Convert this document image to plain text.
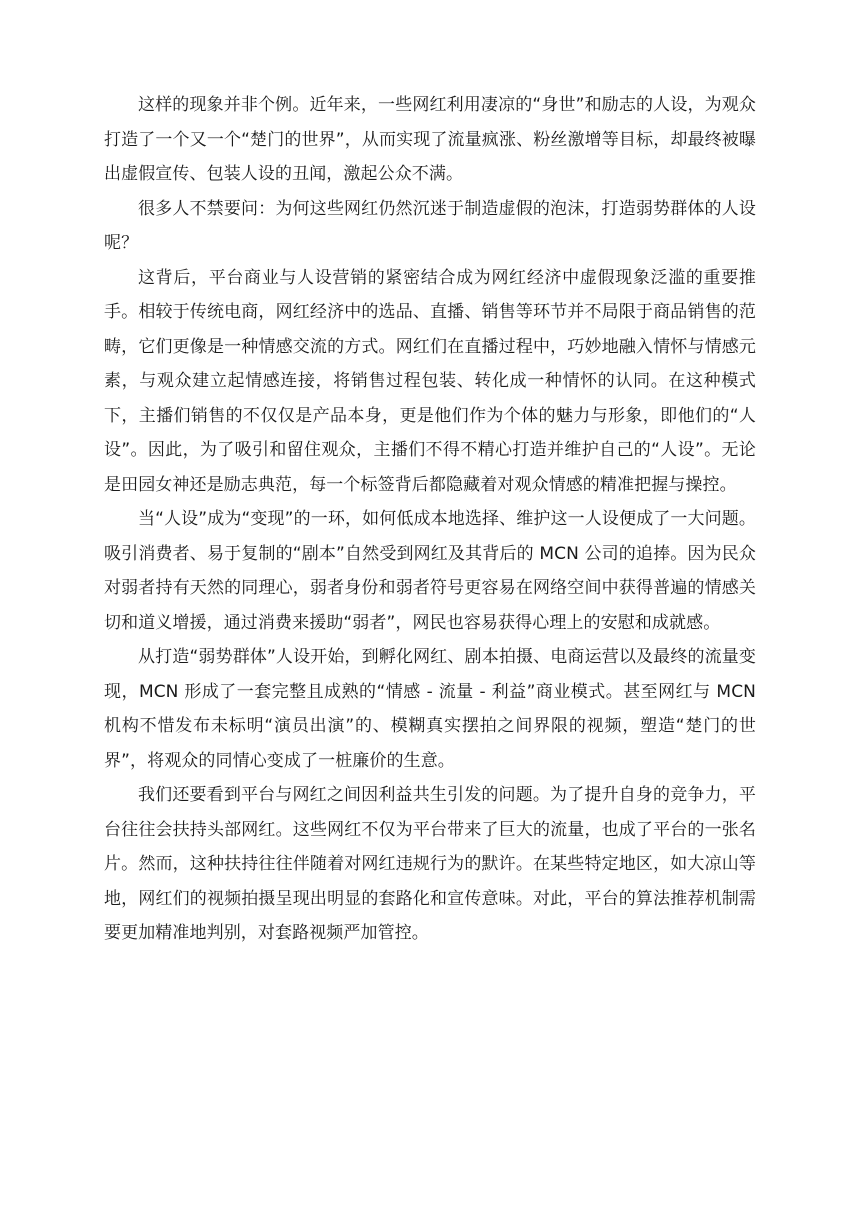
这样的现象并非个例。近年来，一些网红利用凄凉的“身世”和励志的人设，为观众打造了一个又一个“楚门的世界”，从而实现了流量疯涨、粉丝激增等目标，却最终被曝出虚假宣传、包装人设的丑闻，激起公众不满。

很多人不禁要问：为何这些网红仍然沉迷于制造虚假的泡沫，打造弱势群体的人设呢？

这背后，平台商业与人设营销的紧密结合成为网红经济中虚假现象泛滥的重要推手。相较于传统电商，网红经济中的选品、直播、销售等环节并不局限于商品销售的范畴，它们更像是一种情感交流的方式。网红们在直播过程中，巧妙地融入情怀与情感元素，与观众建立起情感连接，将销售过程包装、转化成一种情怀的认同。在这种模式下，主播们销售的不仅仅是产品本身，更是他们作为个体的魅力与形象，即他们的“人设”。因此，为了吸引和留住观众，主播们不得不精心打造并维护自己的“人设”。无论是田园女神还是励志典范，每一个标签背后都隐藏着对观众情感的精准把握与操控。

当“人设”成为“变现”的一环，如何低成本地选择、维护这一人设便成了一大问题。吸引消费者、易于复制的“剧本”自然受到网红及其背后的 MCN 公司的追捧。因为民众对弱者持有天然的同理心，弱者身份和弱者符号更容易在网络空间中获得普遍的情感关切和道义增援，通过消费来援助“弱者”，网民也容易获得心理上的安慰和成就感。

从打造“弱势群体”人设开始，到孵化网红、剧本拍摄、电商运营以及最终的流量变现，MCN 形成了一套完整且成熟的“情感 - 流量 - 利益”商业模式。甚至网红与 MCN 机构不惜发布未标明“演员出演”的、模糊真实摆拍之间界限的视频，塑造“楚门的世界”，将观众的同情心变成了一桩廉价的生意。

我们还要看到平台与网红之间因利益共生引发的问题。为了提升自身的竞争力，平台往往会扶持头部网红。这些网红不仅为平台带来了巨大的流量，也成了平台的一张名片。然而，这种扶持往往伴随着对网红违规行为的默许。在某些特定地区，如大凉山等地，网红们的视频拍摄呈现出明显的套路化和宣传意味。对此，平台的算法推荐机制需要更加精准地判别，对套路视频严加管控。
